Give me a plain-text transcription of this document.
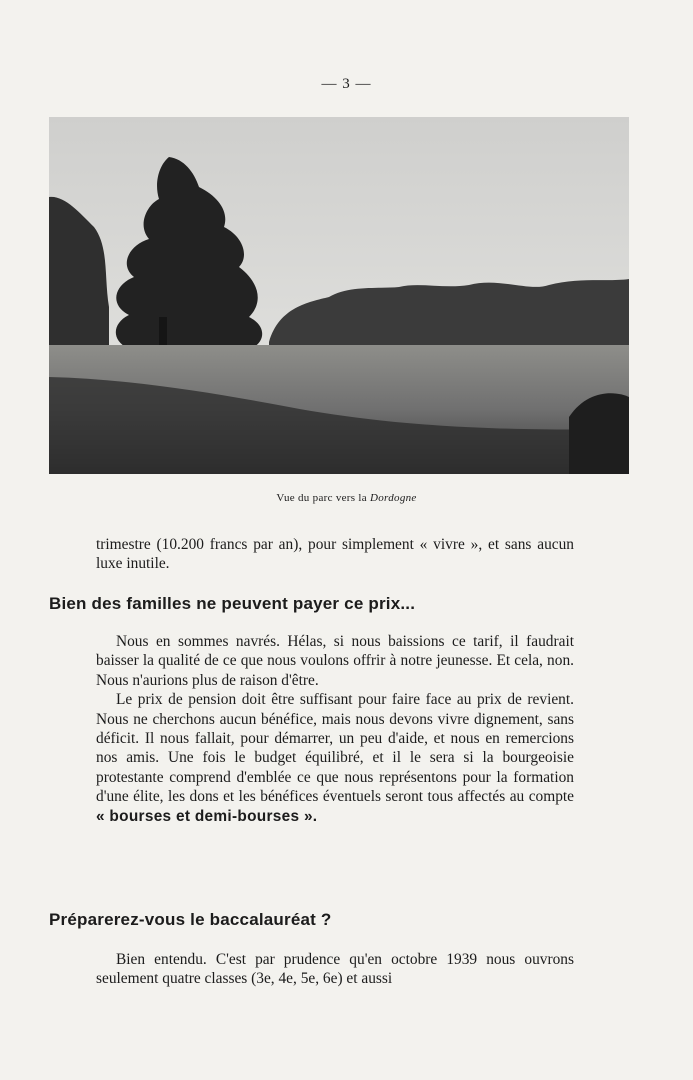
— 3 —
Vue du parc vers la Dordogne
trimestre (10.200 francs par an), pour simplement « vivre », et sans aucun luxe inutile.
Bien des familles ne peuvent payer ce prix...

Nous en sommes navrés. Hélas, si nous baissions ce tarif, il faudrait baisser la qualité de ce que nous voulons offrir à notre jeunesse. Et cela, non. Nous n'aurions plus de raison d'être.

Le prix de pension doit être suffisant pour faire face au prix de revient. Nous ne cherchons aucun bénéfice, mais nous devons vivre dignement, sans déficit. Il nous fallait, pour démarrer, un peu d'aide, et nous en remercions nos amis. Une fois le budget équilibré, et il le sera si la bourgeoisie protestante comprend d'emblée ce que nous représentons pour la formation d'une élite, les dons et les bénéfices éventuels seront tous affectés au compte « bourses et demi-bourses ».

Préparerez-vous le baccalauréat ?

Bien entendu. C'est par prudence qu'en octobre 1939 nous ouvrons seulement quatre classes (3e, 4e, 5e, 6e) et aussi
